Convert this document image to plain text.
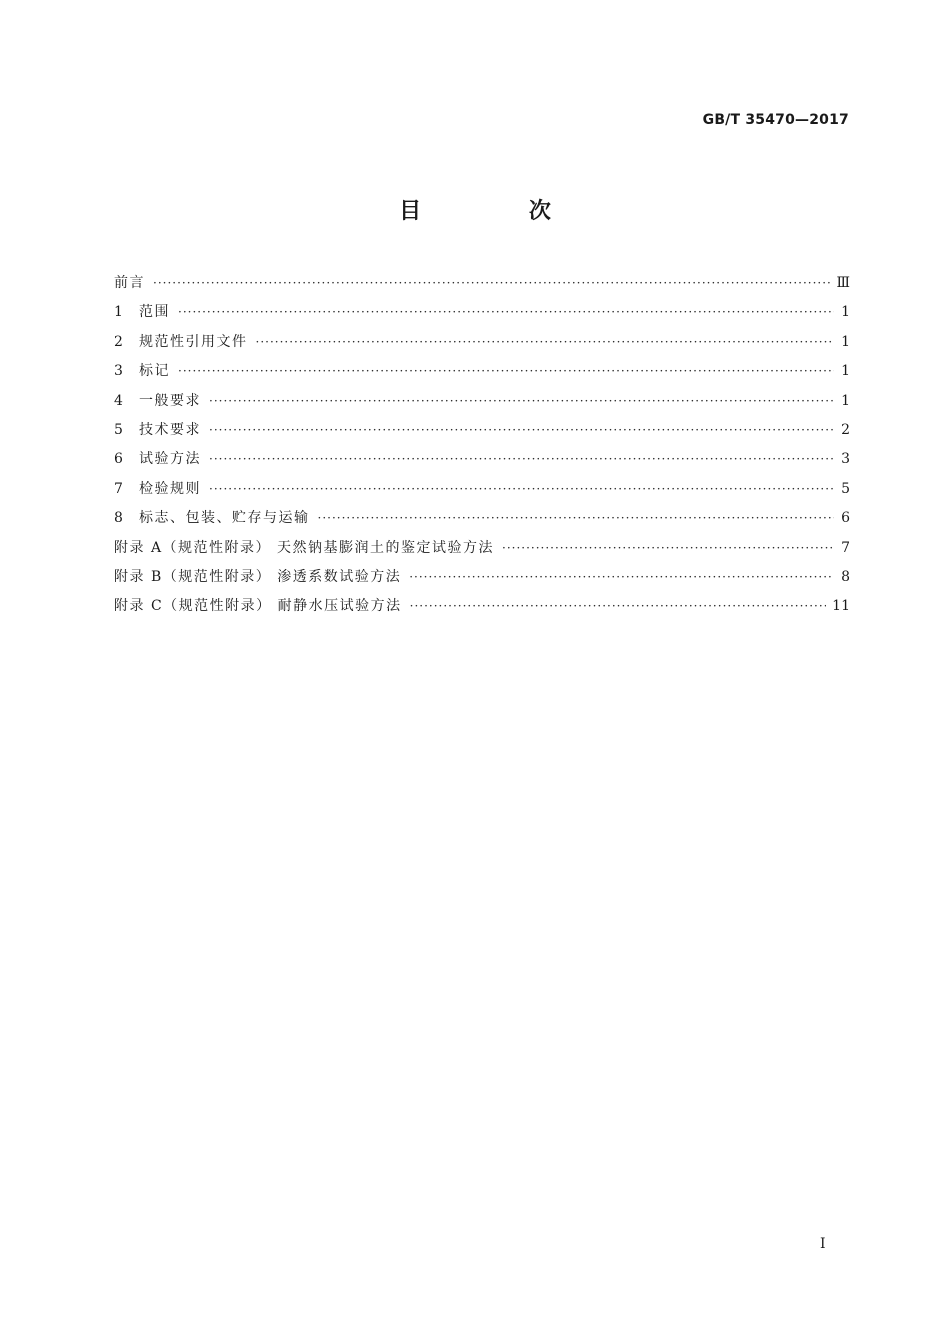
GB/T 35470—2017
目 次
前言 ·····	Ⅲ
1	范围 ·····	1
2	规范性引用文件 ·····	1
3	标记 ·····	1
4	一般要求 ·····	1
5	技术要求 ·····	2
6	试验方法 ·····	3
7	检验规则 ·····	5
8	标志、包装、贮存与运输 ·····	6
附录 A（规范性附录） 天然钠基膨润土的鉴定试验方法 ·····	7
附录 B（规范性附录） 渗透系数试验方法 ·····	8
附录 C（规范性附录） 耐静水压试验方法 ·····	11
Ⅰ
